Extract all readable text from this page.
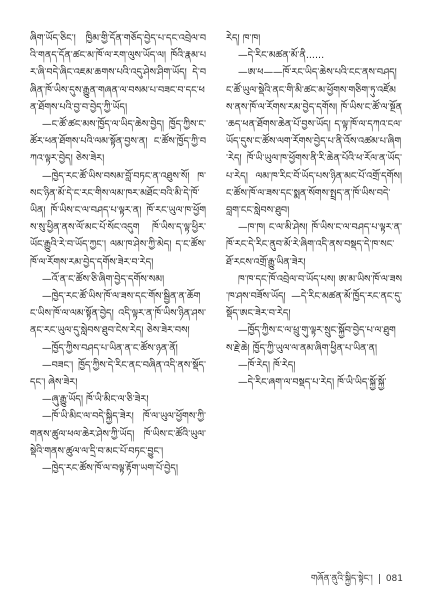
ཞིག་ཡོད་ཅིང་། ཁྱིམ་གྱི་དོན་གཅོད་བྱེད་པ་དང་འབྲེལ་བའི་གནད་དོན་ཚང་མ་ཁོ་ལ་རག་ལུས་ཡོད་ལ། ཁོའི་རྣམ་པར་ཞི་བདེ་ཞིང་འཇམ་ཆགས་པའི་འདུ་ཤེས་ཤིག་ཡོད། དེ་བཞིན་ཁོ་ཡིས་དུས་རྒྱུན་གཞན་ལ་བསམ་པ་བཟང་བ་དང་ཕན་ཐོགས་པའི་བྱ་བ་བྱེད་ཀྱི་ཡོད།

—ང་ཚོ་ཚང་མས་ཁྱོད་ལ་ཡིད་ཆེས་བྱེད། ཁྱོད་ཀྱིས་ང་ཚོར་ཕན་ཐོགས་པའི་ལམ་སྟོན་བྱས་ན། ང་ཚོས་ཁྱོད་ཀྱི་བཀའ་ལྟར་བྱེད། ཅེས་ཟེར།

—ཁྱེད་རང་ཚོ་ཡིས་བསམ་བློ་བཏང་ན་འཐུས་སོ། ཁ་སང་ཉིན་མོ་དེ་ང་རང་གིས་ལམ་ཁར་མཐོང་བའི་མི་དེ་ཁོ་ཡིན། ཁོ་ཡིས་ང་ལ་བཤད་པ་ལྟར་ན། ཁོ་རང་ཡུལ་ཁ་ཕྱོགས་སུ་ཕྱིན་ནས་ལོ་མང་པོ་སོང་འདུག ཁོ་ཡིས་ད་ལྟ་ཕྱིར་ཡོང་རྒྱུའི་རེ་བ་ཡོད་ཀྱང་། ལམ་ཁ་ཤེས་ཀྱི་མེད། ད་ང་ཚོས་ཁོ་ལ་རོགས་རམ་བྱེད་དགོས་ཟེར་བ་རེད།

—འོ་ན་ང་ཚོས་ཅི་ཞིག་བྱེད་དགོས་སམ།

—ཁྱེད་རང་ཚོ་ཡིས་ཁོ་ལ་ཟས་དང་གོས་སྦྱིན་ན་ཆོག ང་ཡིས་ཁོ་ལ་ལམ་སྟོན་བྱེད། འདི་ལྟར་ན་ཁོ་ཡིས་ཉིན་ཤས་ནང་རང་ཡུལ་དུ་སླེབས་ཐུབ་ངེས་རེད། ཅེས་ཟེར་བས།

—ཁྱོད་ཀྱིས་བཤད་པ་ཡིན་ན་ང་ཚོས་ཉན་ནོ།

—བཟང་། ཁྱོད་ཀྱིས་དེ་རིང་ནང་བཞིན་འདི་ནས་སྡོད་དང་། ཞེས་ཟེར།

—ཞུ་རྒྱུ་ཡོད། ཁོ་ཡི་མིང་ལ་ཅི་ཟེར།

—ཁོ་ཡི་མིང་ལ་བདེ་སྐྱིད་ཟེར། ཁོ་ལ་ཡུལ་ཕྱོགས་ཀྱི་གནས་ཚུལ་ཕལ་ཆེར་ཤེས་ཀྱི་ཡོད། ཁོ་ཡིས་ང་ཚོའི་ཡུལ་སྡེའི་གནས་ཚུལ་ལ་དྲི་བ་མང་པོ་བཏང་བྱུང་།

—ཁྱེད་རང་ཚོས་ཁོ་ལ་བལྟ་རྟོག་ཡག་པོ་བྱེད།

རེད། ཁ་ཁ།

—དེ་རིང་མཚན་མོ་ནི......

—ཨ་ཕ——ཁོ་རང་ཡིད་ཆེས་པའི་ངང་ནས་བཤད། ང་ཚོ་ཡུལ་སྡེའི་ནང་གི་མི་ཚང་མ་ཕྱོགས་གཅིག་ཏུ་འཛོམས་ནས་ཁོ་ལ་རོགས་རམ་བྱེད་དགོས། ཁོ་ཡིས་ང་ཚོ་ལ་སྔོན་ཆད་ཕན་ཐོགས་ཆེན་པོ་བྱས་ཡོད། ད་ལྟ་ཁོ་ལ་དཀའ་ངལ་ཡོད་དུས་ང་ཚོས་ལག་རོགས་བྱེད་པ་ནི་འོས་འཚམ་པ་ཞིག་རེད། ཁོ་ཡི་ཡུལ་ཁ་ཕྱོགས་ནི་རི་ཆེན་པོའི་ཕ་རོལ་ན་ཡོད་པ་རེད། ལམ་ཁ་རིང་བོ་ཡོད་པས་ཉིན་མང་པོ་འགྲོ་དགོས། ང་ཚོས་ཁོ་ལ་ཟས་དང་སྨན་སོགས་སྤྲད་ན་ཁོ་ཡིས་བདེ་བླག་ངང་སླེབས་ཐུབ།

—ཁ་ཁ། ང་ལ་མི་ཤེས། ཁོ་ཡིས་ང་ལ་བཤད་པ་ལྟར་ན་ཁོ་རང་དེ་རིང་ནུབ་མོ་རེ་ཞིག་འདི་ནས་བསྡད་དེ་ཁ་སང་ཐོ་རངས་འགྲོ་རྒྱུ་ཡིན་ཟེར།

ཁ་ཁ་དང་ཁོ་འབྲེལ་བ་ཡོད་པས། ཨ་མ་ཡིས་ཁོ་ལ་ཟས་ཁ་ཤས་བཟོས་ཡོད། —དེ་རིང་མཚན་མོ་ཁྱོད་རང་ནང་དུ་སྡོད་ཨང་ཟེར་བ་རེད།

—ཁྱོད་ཀྱིས་ང་ལ་ཕྲུ་གུ་ལྟར་སྲུང་སྐྱོབ་བྱེད་པ་ལ་ཐུགས་རྗེ་ཆེ། ཁྱོད་ཀྱི་ཡུལ་ལ་ནམ་ཞིག་ཕྱིན་པ་ཡིན་ན།

—ཁོ་རེད། ཁོ་རེད།

—དེ་རིང་ཞག་ལ་བསྡད་པ་རེད། ཁོ་ཡི་ཡིད་སྐྱོ་སྐྱོ་

གཞོན་ནུའི་སྐྱིད་སྟེང་། 081
